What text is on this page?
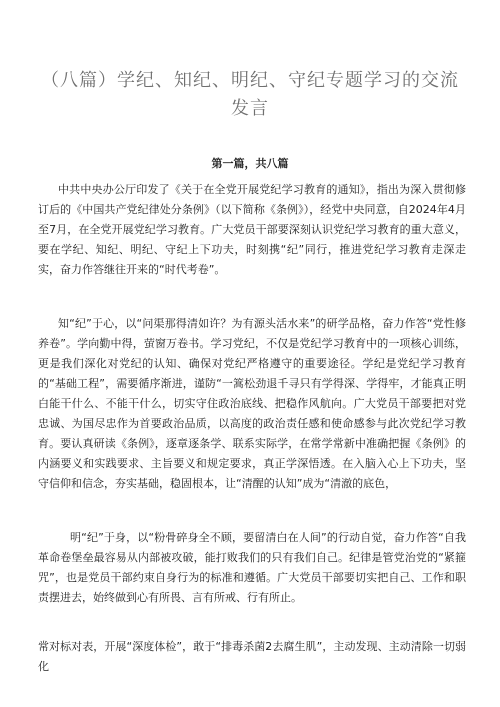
（八篇）学纪、知纪、明纪、守纪专题学习的交流
发言

第一篇，共八篇

中共中央办公厅印发了《关于在全党开展党纪学习教育的通知》，指出为深入贯彻修订后的《中国共产党纪律处分条例》（以下简称《条例》），经党中央同意，自2024年4月至7月，在全党开展党纪学习教育。广大党员干部要深刻认识党纪学习教育的重大意义，要在学纪、知纪、明纪、守纪上下功夫，时刻携“纪”同行，推进党纪学习教育走深走实，奋力作答继往开来的“时代考卷”。

知“纪”于心，以“问渠那得清如许？为有源头活水来”的研学品格，奋力作答“党性修养卷”。学向勤中得，萤窗万卷书。学习党纪，不仅是党纪学习教育中的一项核心训练，更是我们深化对党纪的认知、确保对党纪严格遵守的重要途径。学纪是党纪学习教育的“基础工程”，需要循序渐进，谨防“一篙松劲退千寻只有学得深、学得牢，才能真正明白能干什么、不能干什么，切实守住政治底线、把稳作风航向。广大党员干部要把对党忠诚、为国尽忠作为首要政治品质，以高度的政治责任感和使命感参与此次党纪学习教育。要认真研读《条例》，逐章逐条学、联系实际学，在常学常新中准确把握《条例》的内涵要义和实践要求、主旨要义和规定要求，真正学深悟透。在入脑入心上下功夫，坚守信仰和信念，夯实基础，稳固根本，让“清醒的认知”成为“清澈的底色，

明“纪”于身，以“粉骨碎身全不顾，要留清白在人间”的行动自觉，奋力作答“自我革命卷堡垒最容易从内部被攻破，能打败我们的只有我们自己。纪律是管党治党的“紧箍咒”，也是党员干部约束自身行为的标准和遵循。广大党员干部要切实把自己、工作和职责摆进去，始终做到心有所畏、言有所戒、行有所止。

常对标对表，开展“深度体检”，敢于“排毒杀菌2去腐生肌”，主动发现、主动清除一切弱化
